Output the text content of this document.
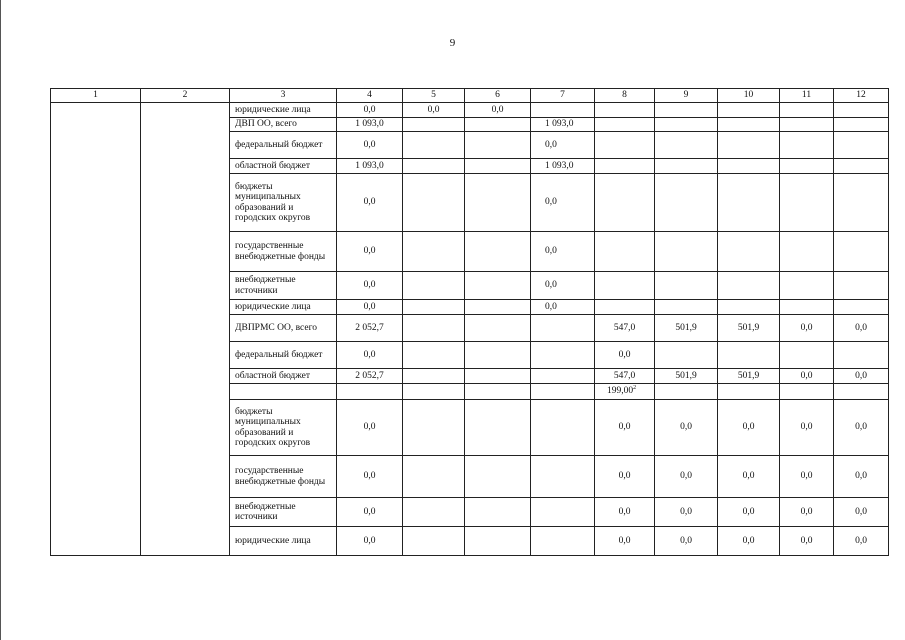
9
1	2	3	4	5	6	7	8	9	10	11	12
		юридические лица	0,0	0,0	0,0						
		ДВП ОО, всего	1 093,0			1 093,0					
		федеральный бюджет	0,0			0,0					
		областной бюджет	1 093,0			1 093,0					
		бюджеты муниципальных образований и городских округов	0,0			0,0					
		государственные внебюджетные фонды	0,0			0,0					
		внебюджетные источники	0,0			0,0					
		юридические лица	0,0			0,0					
		ДВПРМС ОО, всего	2 052,7				547,0	501,9	501,9	0,0	0,0
		федеральный бюджет	0,0				0,0				
		областной бюджет	2 052,7				547,0	501,9	501,9	0,0	0,0
							199,00$^2$				
		бюджеты муниципальных образований и городских округов	0,0				0,0	0,0	0,0	0,0	0,0
		государственные внебюджетные фонды	0,0				0,0	0,0	0,0	0,0	0,0
		внебюджетные источники	0,0				0,0	0,0	0,0	0,0	0,0
		юридические лица	0,0				0,0	0,0	0,0	0,0	0,0
